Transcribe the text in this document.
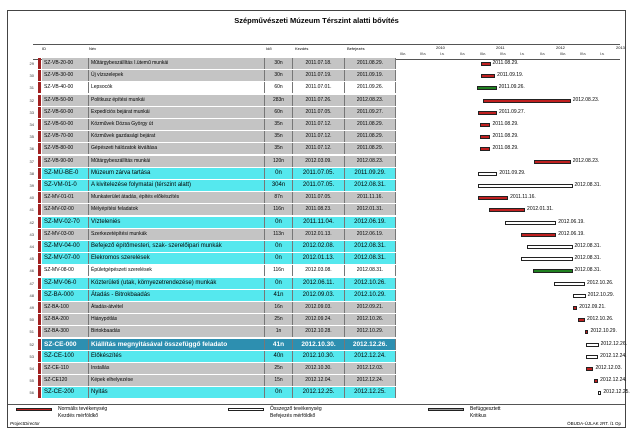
Szépművészeti Múzeum Térszint alatti bővítés
ID	Név	Idő	Kezdés	Befejezés	2010	2011	2012	2013
III.n.	IV.n.	I.n.	II.n.	III.n.	IV.n.	I.n.	II.n.	III.n.	IV.n.	I.n.
29	SZ-VB-20-00	Műtárgybeszállítás I.ütemű munkái	30n	2011.07.18.	2011.08.29.	2011.08.29.
30	SZ-VB-30-00	Új vízszelepek	30n	2011.07.19.	2011.09.19.	2011.09.19.
31	SZ-VB-40-00	Lepsocók	60n	2011.07.01.	2011.09.26.	2011.09.26.
32	SZ-VB-50-00	Politkusz építési munkái	283n	2011.07.26.	2012.08.23.	2012.08.23.
33	SZ-VB-60-00	Expedíciós bejárat munkái	60n	2011.07.05.	2011.09.27.	2011.09.27.
34	SZ-VB-60-00	Közművek Dózsa György út	35n	2011.07.12.	2011.08.29.	2011.08.29.
35	SZ-VB-70-00	Közművek gazdasági bejárat	35n	2011.07.12.	2011.08.29.	2011.08.29.
36	SZ-VB-80-00	Gépészeti hálózatok kiváltása	35n	2011.07.12.	2011.08.29.	2011.08.29.
37	SZ-VB-90-00	Műtárgybeszállítás munkái	120n	2012.03.09.	2012.08.23.	2012.08.23.
38	SZ-MÚ-BE-0	Múzeum zárva tartása	0n	2011.07.05.	2011.09.29.	2011.09.29.
39	SZ-VM-01-0	A kivitelezése folymatai (térszint alatt)	304n	2011.07.05.	2012.08.31.	2012.08.31.
40	SZ-MV-01-01	Munkaterület átadás, építés előkészítés	87n	2011.07.05.	2011.11.16.	2011.11.16.
41	SZ-MV-02-00	Mélyépítési feladatok	116n	2011.08.23.	2012.01.31.	2012.01.31.
42	SZ-MV-02-70	Vízteleniés	0n	2011.11.04.	2012.06.19.	2012.06.19.
43	SZ-MV-03-00	Szerkezetépítési munkák	113n	2012.01.13.	2012.06.19.	2012.06.19.
44	SZ-MV-04-00	Befejező építőmesteri, szak- szerelőipari munkák	0n	2012.02.08.	2012.08.31.	2012.08.31.
45	SZ-MV-07-00	Elekromos szerelések	0n	2012.01.13.	2012.08.31.	2012.08.31.
46	SZ-MV-08-00	Épületgépészeti szerelések	116n	2012.03.08.	2012.08.31.	2012.08.31.
47	SZ-MV-06-0	Közterületi (utak, környezetrendezése) munkák	0n	2012.06.11.	2012.10.26.	2012.10.26.
48	SZ-BA-000	Átadás - Bitrokbaadás	41n	2012.09.03.	2012.10.29.	2012.10.29.
49	SZ-BA-100	Átadás-átvétel	16n	2012.09.03.	2012.09.21.	2012.09.21.
50	SZ-BA-200	Hiánypótlás	25n	2012.09.24.	2012.10.26.	2012.10.26.
51	SZ-BA-300	Birtokbaadás	1n	2012.10.28.	2012.10.29.	2012.10.29.
52	SZ-CE-000	Kiállítás megnyitásával összefüggő feladato	41n	2012.10.30.	2012.12.26.	2012.12.26.
53	SZ-CE-100	Előkészítés	40n	2012.10.30.	2012.12.24.	2012.12.24.
54	SZ-CE-110	Installás	25n	2012.10.30.	2012.12.03.	2012.12.03.
55	SZ-CE120	Képek elhelyezése	15n	2012.12.04.	2012.12.24.	2012.12.24.
56	SZ-CE-200	Nyitás	0n	2012.12.25.	2012.12.25.	2012.12.25.
Normális tevékenység
Kezdés mérföldkő
Összegző tevékenység
Befejezés mérföldkő
Befüggesztett
Kritikus
ProjectDirector	ÓBUDA-ÚJLAK zRT. /1 Op
